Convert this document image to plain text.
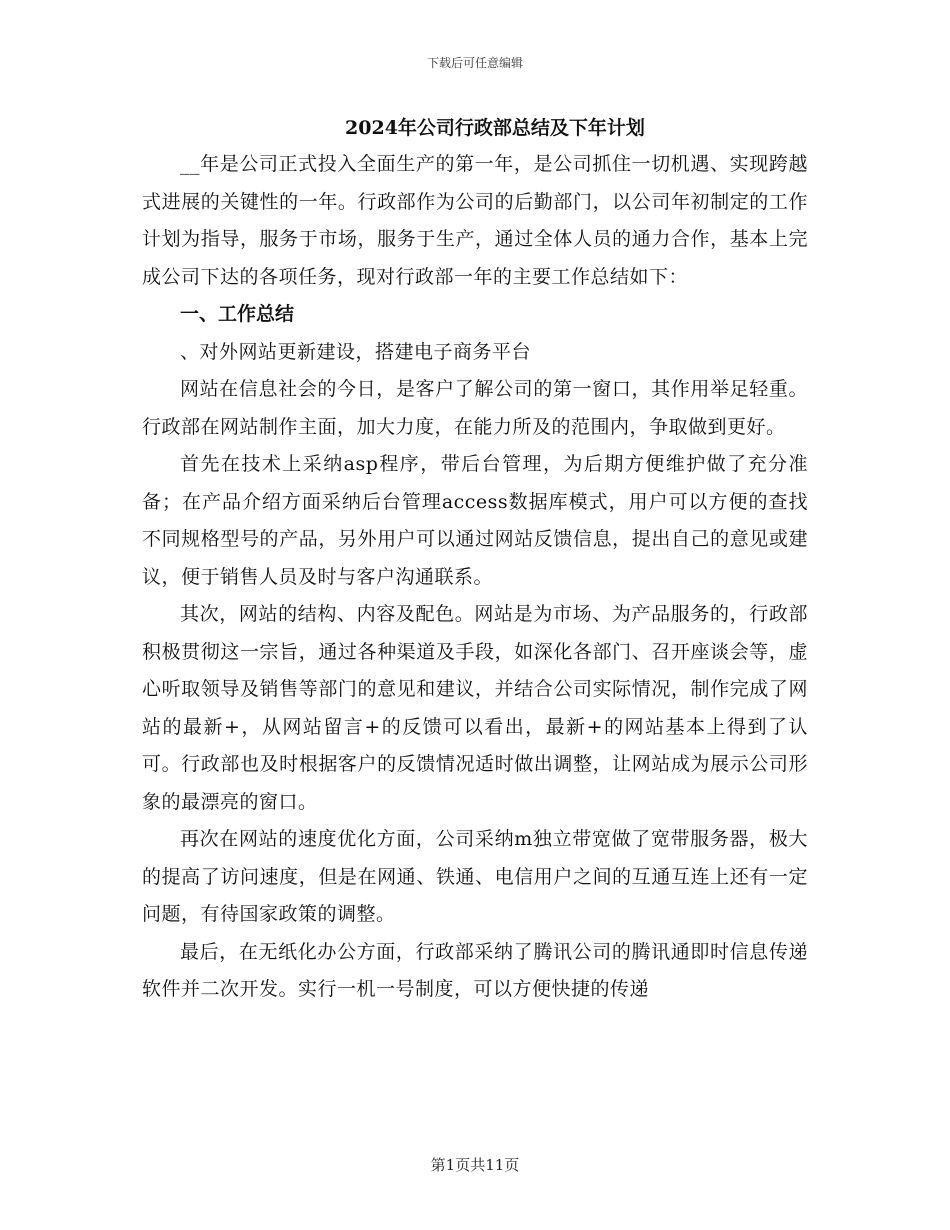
下载后可任意编辑
2024年公司行政部总结及下年计划

__年是公司正式投入全面生产的第一年，是公司抓住一切机遇、实现跨越式进展的关键性的一年。行政部作为公司的后勤部门，以公司年初制定的工作计划为指导，服务于市场，服务于生产，通过全体人员的通力合作，基本上完成公司下达的各项任务，现对行政部一年的主要工作总结如下：

一、工作总结

、对外网站更新建设，搭建电子商务平台

网站在信息社会的今日，是客户了解公司的第一窗口，其作用举足轻重。行政部在网站制作主面，加大力度，在能力所及的范围内，争取做到更好。

首先在技术上采纳asp程序，带后台管理，为后期方便维护做了充分准备；在产品介绍方面采纳后台管理access数据库模式，用户可以方便的查找不同规格型号的产品，另外用户可以通过网站反馈信息，提出自己的意见或建议，便于销售人员及时与客户沟通联系。

其次，网站的结构、内容及配色。网站是为市场、为产品服务的，行政部积极贯彻这一宗旨，通过各种渠道及手段，如深化各部门、召开座谈会等，虚心听取领导及销售等部门的意见和建议，并结合公司实际情况，制作完成了网站的最新+，从网站留言+的反馈可以看出，最新+的网站基本上得到了认可。行政部也及时根据客户的反馈情况适时做出调整，让网站成为展示公司形象的最漂亮的窗口。

再次在网站的速度优化方面，公司采纳m独立带宽做了宽带服务器，极大的提高了访问速度，但是在网通、铁通、电信用户之间的互通互连上还有一定问题，有待国家政策的调整。

最后，在无纸化办公方面，行政部采纳了腾讯公司的腾讯通即时信息传递软件并二次开发。实行一机一号制度，可以方便快捷的传递

第1页共11页
